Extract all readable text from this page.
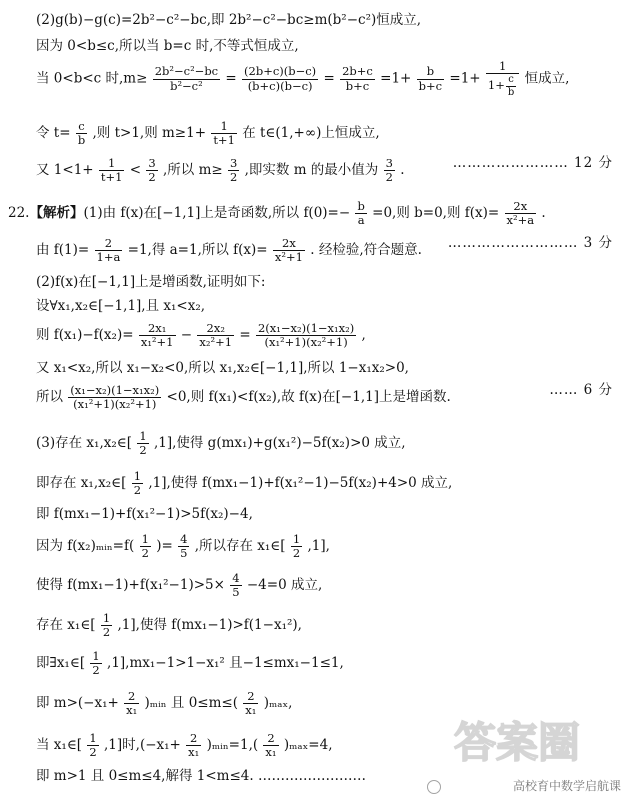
(2)g(b)−g(c)=2b²−c²−bc,即 2b²−c²−bc≥m(b²−c²)恒成立,
因为 0<b≤c,所以当 b=c 时,不等式恒成立,
当 0<b<c 时$,m\ge \frac{\text{2b²−c²−bc}}{\text{b²−c²}} = \frac{(2b+c)(b-c)}{(b+c)(b-c)} = \frac{2b+c}{b+c} =1+ \frac{b}{b+c} =1+ \frac{1}{1+ \frac{c}{b}}$ 恒成立,
令 $t= \frac{c}{b}$ ,则 t>1,则 $m\ge 1+ \frac{1}{t+1}$ 在 t∈(1,+∞)上恒成立,
又 $1<1+ \frac{1}{t+1} < \frac{3}{2}$ ,所以 $m\ge \frac{3}{2}$ ,即实数 m 的最小值为 $\frac{3}{2}$ .	…………………… 12 分
22.【解析】(1)由 f(x)在[−1,1]上是奇函数,所以 $f(0)=- \frac{b}{a} =0$,则 b=0,则 $f(x)= \frac{2x}{\text{x²+a}}$ .
由 $f(1)= \frac{2}{1+a} =1$,得 a=1,所以 $f(x)= \frac{2x}{\text{x²+1}}$ . 经检验,符合题意. ……………………… 3 分
(2)f(x)在[−1,1]上是增函数,证明如下:
设∀x₁,x₂∈[−1,1],且 x₁<x₂,
则 $f(x_1)-f(x_2)= \frac{\text{2x₁}}{\text{x₁²+1}} - \frac{\text{2x₂}}{\text{x₂²+1}} = \frac{\text{2(x₁−x₂)(1−x₁x₂)}}{\text{(x₁²+1)(x₂²+1)}}$ ,
又 x₁<x₂,所以 x₁−x₂<0,所以 x₁,x₂∈[−1,1],所以 1−x₁x₂>0,
所以 $\frac{\text{(x₁−x₂)(1−x₁x₂)}}{\text{(x₁²+1)(x₂²+1)}} <0$,则 f(x₁)<f(x₂),故 f(x)在[−1,1]上是增函数.	…… 6 分
(3)存在 x₁,x₂∈[ $\frac{1}{2} ,1$],使得 g(mx₁)+g(x₁²)−5f(x₂)>0 成立,
即存在 x₁,x₂∈[ $\frac{1}{2} ,1$],使得 f(mx₁−1)+f(x₁²−1)−5f(x₂)+4>0 成立,
即 f(mx₁−1)+f(x₁²−1)>5f(x₂)−4,
因为 f(x₂)ₘᵢₙ=f( $\frac{1}{2}$ )= $\frac{4}{5}$ ,所以存在 x₁∈[ $\frac{1}{2} ,1$],
使得 $f(mx_1-1)+f(x_1^2-1)>5\times \frac{4}{5} -4=0$ 成立,
存在 x₁∈[ $\frac{1}{2} ,1$],使得 f(mx₁−1)>f(1−x₁²),
即∃x₁∈[ $\frac{1}{2} ,1],mx_1-1>1-x_1^2$ 且−1≤mx₁−1≤1,
即 $m>(-x_1+ \frac{2}{\text{x₁}}$ )ₘᵢₙ 且 $0\le m\le( \frac{2}{\text{x₁}} )_{max}$,
当 x₁∈[ $\frac{1}{2} ,1$]时$,(-x_1+ \frac{2}{\text{x₁}}$ )ₘᵢₙ=1,( $\frac{2}{\text{x₁}} )_{max}=4$,
即 m>1 且 0≤m≤4,解得 1<m≤4. ……………………
答案圈
高校育中数学启航课
